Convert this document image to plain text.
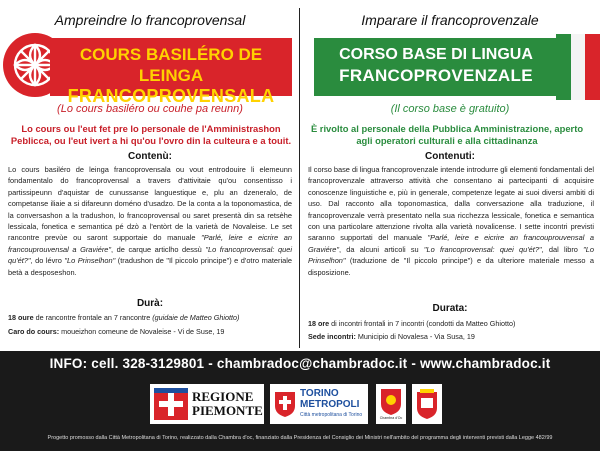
Ampreindre lo francoprovensal
COURS BASILÉRO DE LEINGA
FRANCOPROVENSALA
(Lo cours basiléro ou couhe pa reunn)
Lo cours ou l'eut fet pre lo personale de l'Amministrashon Peblicca, ou l'eut ivert a hi qu'ou l'ovro din la culteura e a touit.
Contenù:
Lo cours basiléro de leinga francoprovensala ou vout entrodouire li elemeunn fondamentalo do francoprovensal a travers d'attivitaie qu'ou consentisso i partissipeunn d'aquistar de cunussanse languestique e, plu an dzeneralo, de competanse iliaie a si difareunn doméno d'usadzo. De la conta a la toponomastica, de la conversashon a la tradushon, lo francoprovensal ou saret presentà din sa retsèhe lessicala, fonetica e semantica pé dzò a l'entòrt de la varietà de Novaleise. Le set rancontre prevùe ou saront supportaie do manuale "Parlé, leire e eicrire an francouprouvensal a Graviére", de carque articlho dessù "Lo francoprovensal: quei qu'ét?", do lévro "Lo Prinselhon" (tradushon de "Il piccolo principe") e d'otro materiale betà a desposeshon.
Durà:
18 oure de rancontre frontale an 7 rancontre (guidaie de Matteo Ghiotto)
Caro do cours: moueizhon comeune de Novaleise - Vi de Suse, 19
Imparare il francoprovenzale
CORSO BASE DI LINGUA
FRANCOPROVENZALE
(Il corso base è gratuito)
È rivolto al personale della Pubblica Amministrazione, aperto agli operatori culturali e alla cittadinanza
Contenuti:
Il corso base di lingua francoprovenzale intende introdurre gli elementi fondamentali del francoprovenzale attraverso attività che consentano ai partecipanti di acquisire conoscenze linguistiche e, più in generale, competenze legate ai suoi diversi ambiti di uso. Dal racconto alla toponomastica, dalla conversazione alla traduzione, il francoprovenzale verrà presentato nella sua ricchezza lessicale, fonetica e semantica con una particolare attenzione rivolta alla varietà novalicense. I sette incontri previsti saranno supportati del manuale "Parlé, leire e eicrire an francouprouvensal a Graviére", da alcuni articoli su "Lo francoprovensal: quei qu'ét?", dal libro "Lo Prinselhon" (traduzione de "Il piccolo principe") e da ulteriore materiale messo a disposizione.
Durata:
18 ore di incontri frontali in 7 incontri (condotti da Matteo Ghiotto)
Sede incontri: Municipio di Novalesa - Via Susa, 19
INFO: cell. 328-3129801 - chambradoc@chambradoc.it - www.chambradoc.it
REGIONE
PIEMONTE
TORINO
METROPOLI
Città metropolitana di Torino
Chambra d'Oc
Progetto promosso dalla Città Metropolitana di Torino, realizzato dalla Chambra d'oc, finanziato dalla Presidenza del Consiglio dei Ministri nell'ambito del programma degli interventi previsti dalla Legge 482/99
